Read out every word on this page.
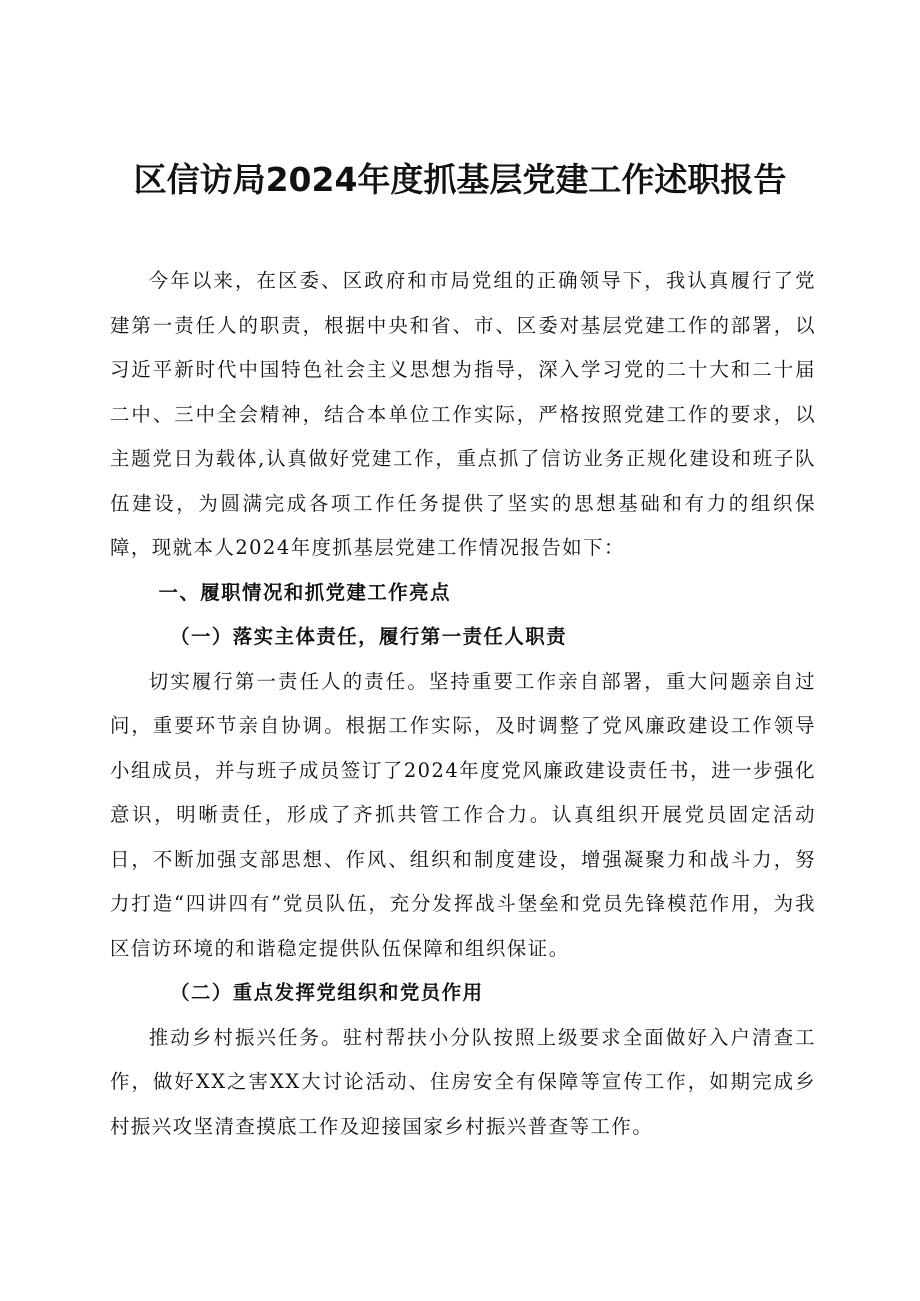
区信访局2024年度抓基层党建工作述职报告

今年以来，在区委、区政府和市局党组的正确领导下，我认真履行了党建第一责任人的职责，根据中央和省、市、区委对基层党建工作的部署，以习近平新时代中国特色社会主义思想为指导，深入学习党的二十大和二十届二中、三中全会精神，结合本单位工作实际，严格按照党建工作的要求，以主题党日为载体,认真做好党建工作，重点抓了信访业务正规化建设和班子队伍建设，为圆满完成各项工作任务提供了坚实的思想基础和有力的组织保障，现就本人2024年度抓基层党建工作情况报告如下：

一、履职情况和抓党建工作亮点

（一）落实主体责任，履行第一责任人职责

切实履行第一责任人的责任。坚持重要工作亲自部署，重大问题亲自过问，重要环节亲自协调。根据工作实际，及时调整了党风廉政建设工作领导小组成员，并与班子成员签订了2024年度党风廉政建设责任书，进一步强化意识，明晰责任，形成了齐抓共管工作合力。认真组织开展党员固定活动日，不断加强支部思想、作风、组织和制度建设，增强凝聚力和战斗力，努力打造“四讲四有”党员队伍，充分发挥战斗堡垒和党员先锋模范作用，为我区信访环境的和谐稳定提供队伍保障和组织保证。

（二）重点发挥党组织和党员作用

推动乡村振兴任务。驻村帮扶小分队按照上级要求全面做好入户清查工作，做好XX之害XX大讨论活动、住房安全有保障等宣传工作，如期完成乡村振兴攻坚清查摸底工作及迎接国家乡村振兴普查等工作。
